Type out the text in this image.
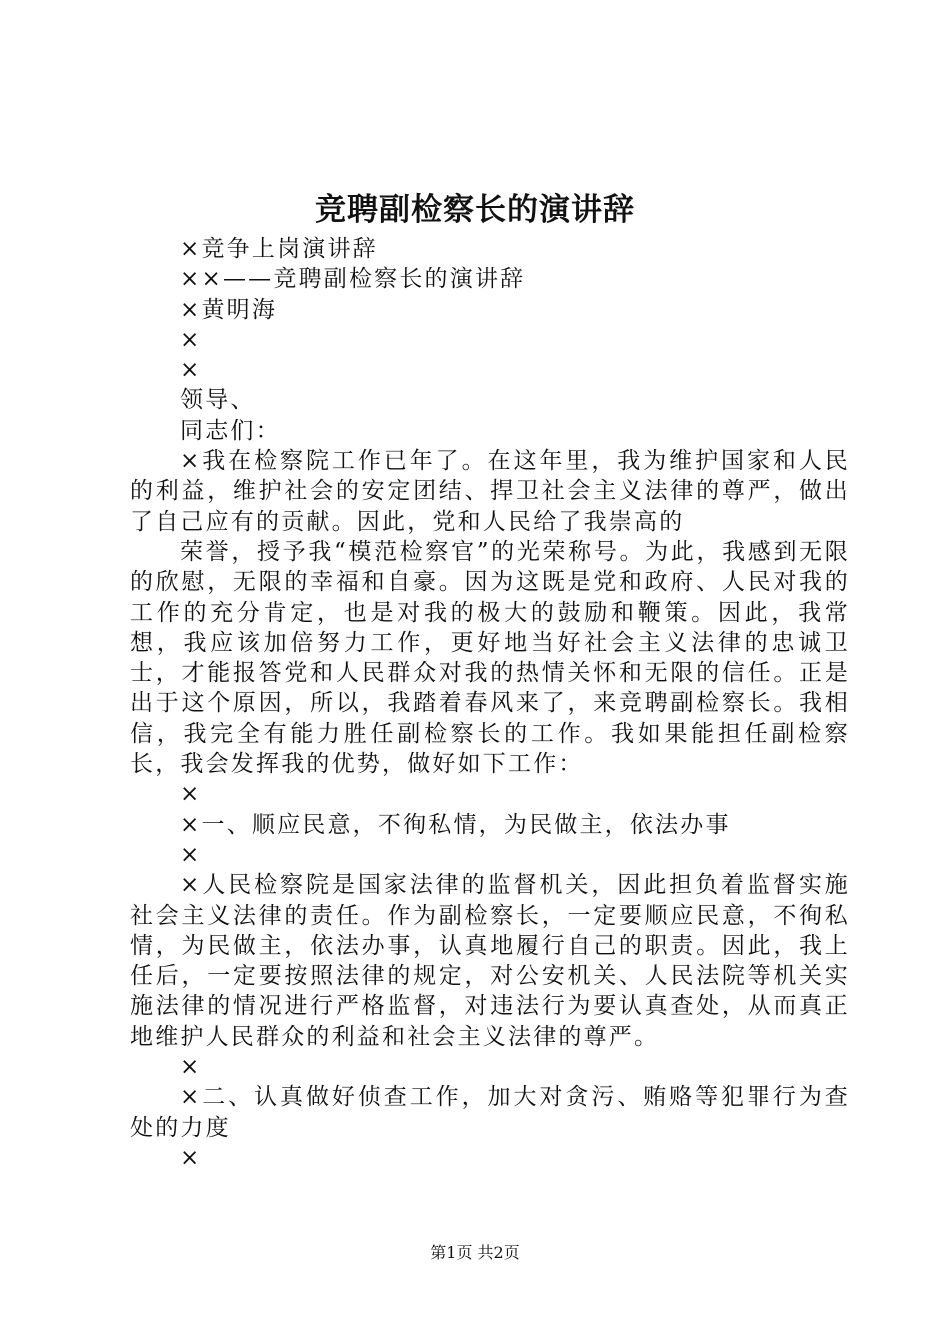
竞聘副检察长的演讲辞

×竞争上岗演讲辞

××——竞聘副检察长的演讲辞

×黄明海

×

×

领导、

同志们：

×我在检察院工作已年了。在这年里，我为维护国家和人民的利益，维护社会的安定团结、捍卫社会主义法律的尊严，做出了自己应有的贡献。因此，党和人民给了我崇高的

荣誉，授予我“模范检察官”的光荣称号。为此，我感到无限的欣慰，无限的幸福和自豪。因为这既是党和政府、人民对我的工作的充分肯定，也是对我的极大的鼓励和鞭策。因此，我常想，我应该加倍努力工作，更好地当好社会主义法律的忠诚卫士，才能报答党和人民群众对我的热情关怀和无限的信任。正是出于这个原因，所以，我踏着春风来了，来竞聘副检察长。我相信，我完全有能力胜任副检察长的工作。我如果能担任副检察长，我会发挥我的优势，做好如下工作：

×

×一、顺应民意，不徇私情，为民做主，依法办事

×

×人民检察院是国家法律的监督机关，因此担负着监督实施社会主义法律的责任。作为副检察长，一定要顺应民意，不徇私情，为民做主，依法办事，认真地履行自己的职责。因此，我上任后，一定要按照法律的规定，对公安机关、人民法院等机关实施法律的情况进行严格监督，对违法行为要认真查处，从而真正地维护人民群众的利益和社会主义法律的尊严。

×

×二、认真做好侦查工作，加大对贪污、贿赂等犯罪行为查处的力度

×

第1页 共2页
